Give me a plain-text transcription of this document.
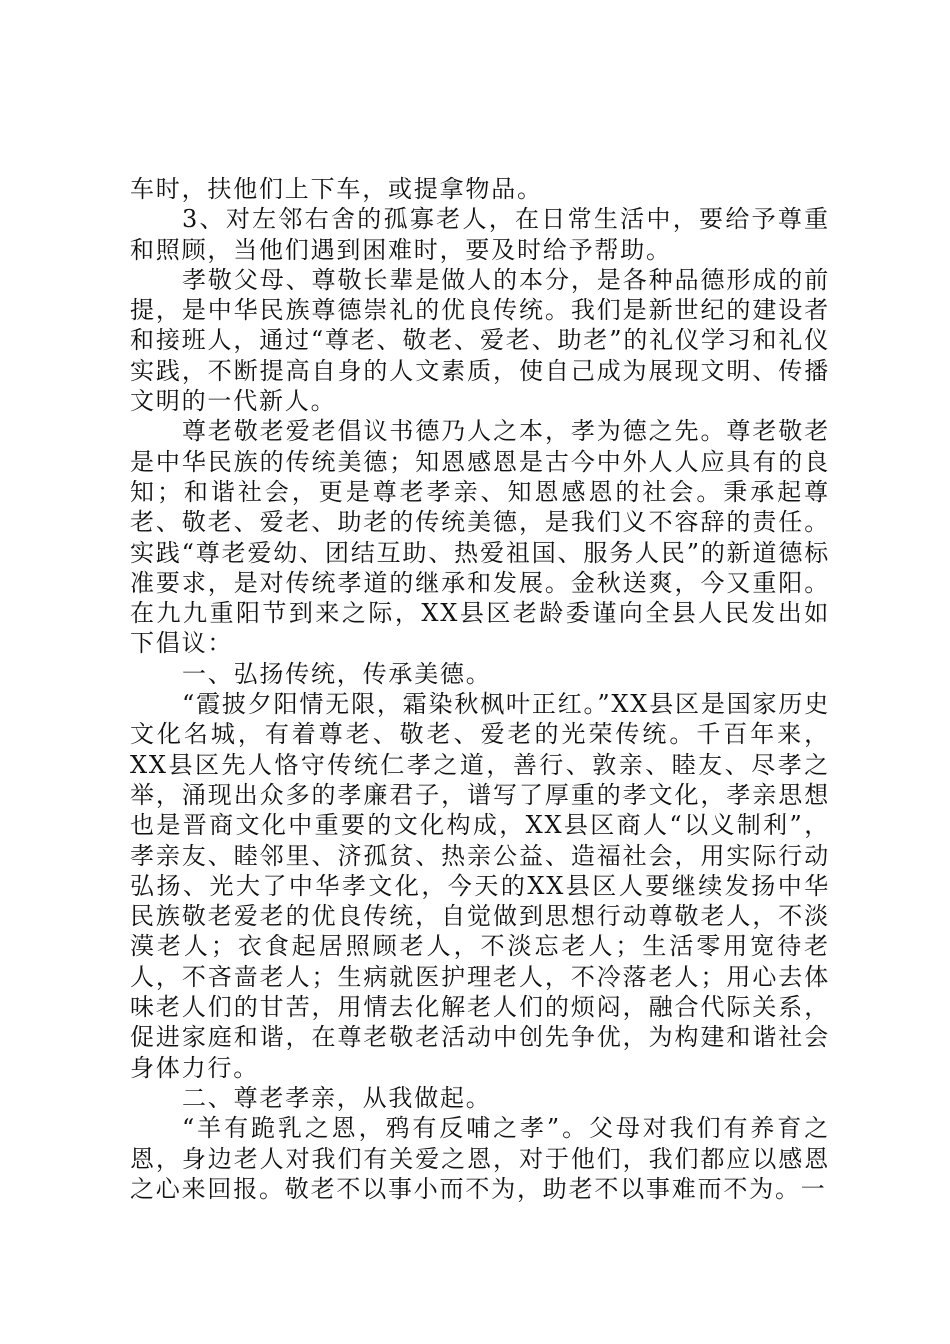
车时，扶他们上下车，或提拿物品。

3、对左邻右舍的孤寡老人，在日常生活中，要给予尊重和照顾，当他们遇到困难时，要及时给予帮助。

孝敬父母、尊敬长辈是做人的本分，是各种品德形成的前提，是中华民族尊德崇礼的优良传统。我们是新世纪的建设者和接班人，通过“尊老、敬老、爱老、助老”的礼仪学习和礼仪实践，不断提高自身的人文素质，使自己成为展现文明、传播文明的一代新人。

尊老敬老爱老倡议书德乃人之本，孝为德之先。尊老敬老是中华民族的传统美德；知恩感恩是古今中外人人应具有的良知；和谐社会，更是尊老孝亲、知恩感恩的社会。秉承起尊老、敬老、爱老、助老的传统美德，是我们义不容辞的责任。实践“尊老爱幼、团结互助、热爱祖国、服务人民”的新道德标准要求，是对传统孝道的继承和发展。金秋送爽，今又重阳。在九九重阳节到来之际，XX县区老龄委谨向全县人民发出如下倡议：

一、弘扬传统，传承美德。

“霞披夕阳情无限，霜染秋枫叶正红。”XX县区是国家历史文化名城，有着尊老、敬老、爱老的光荣传统。千百年来，XX县区先人恪守传统仁孝之道，善行、敦亲、睦友、尽孝之举，涌现出众多的孝廉君子，谱写了厚重的孝文化，孝亲思想也是晋商文化中重要的文化构成，XX县区商人“以义制利”，孝亲友、睦邻里、济孤贫、热亲公益、造福社会，用实际行动弘扬、光大了中华孝文化，今天的XX县区人要继续发扬中华民族敬老爱老的优良传统，自觉做到思想行动尊敬老人，不淡漠老人；衣食起居照顾老人，不淡忘老人；生活零用宽待老人，不吝啬老人；生病就医护理老人，不冷落老人；用心去体味老人们的甘苦，用情去化解老人们的烦闷，融合代际关系，促进家庭和谐，在尊老敬老活动中创先争优，为构建和谐社会身体力行。

二、尊老孝亲，从我做起。

“羊有跪乳之恩，鸦有反哺之孝”。父母对我们有养育之恩，身边老人对我们有关爱之恩，对于他们，我们都应以感恩之心来回报。敬老不以事小而不为，助老不以事难而不为。一
